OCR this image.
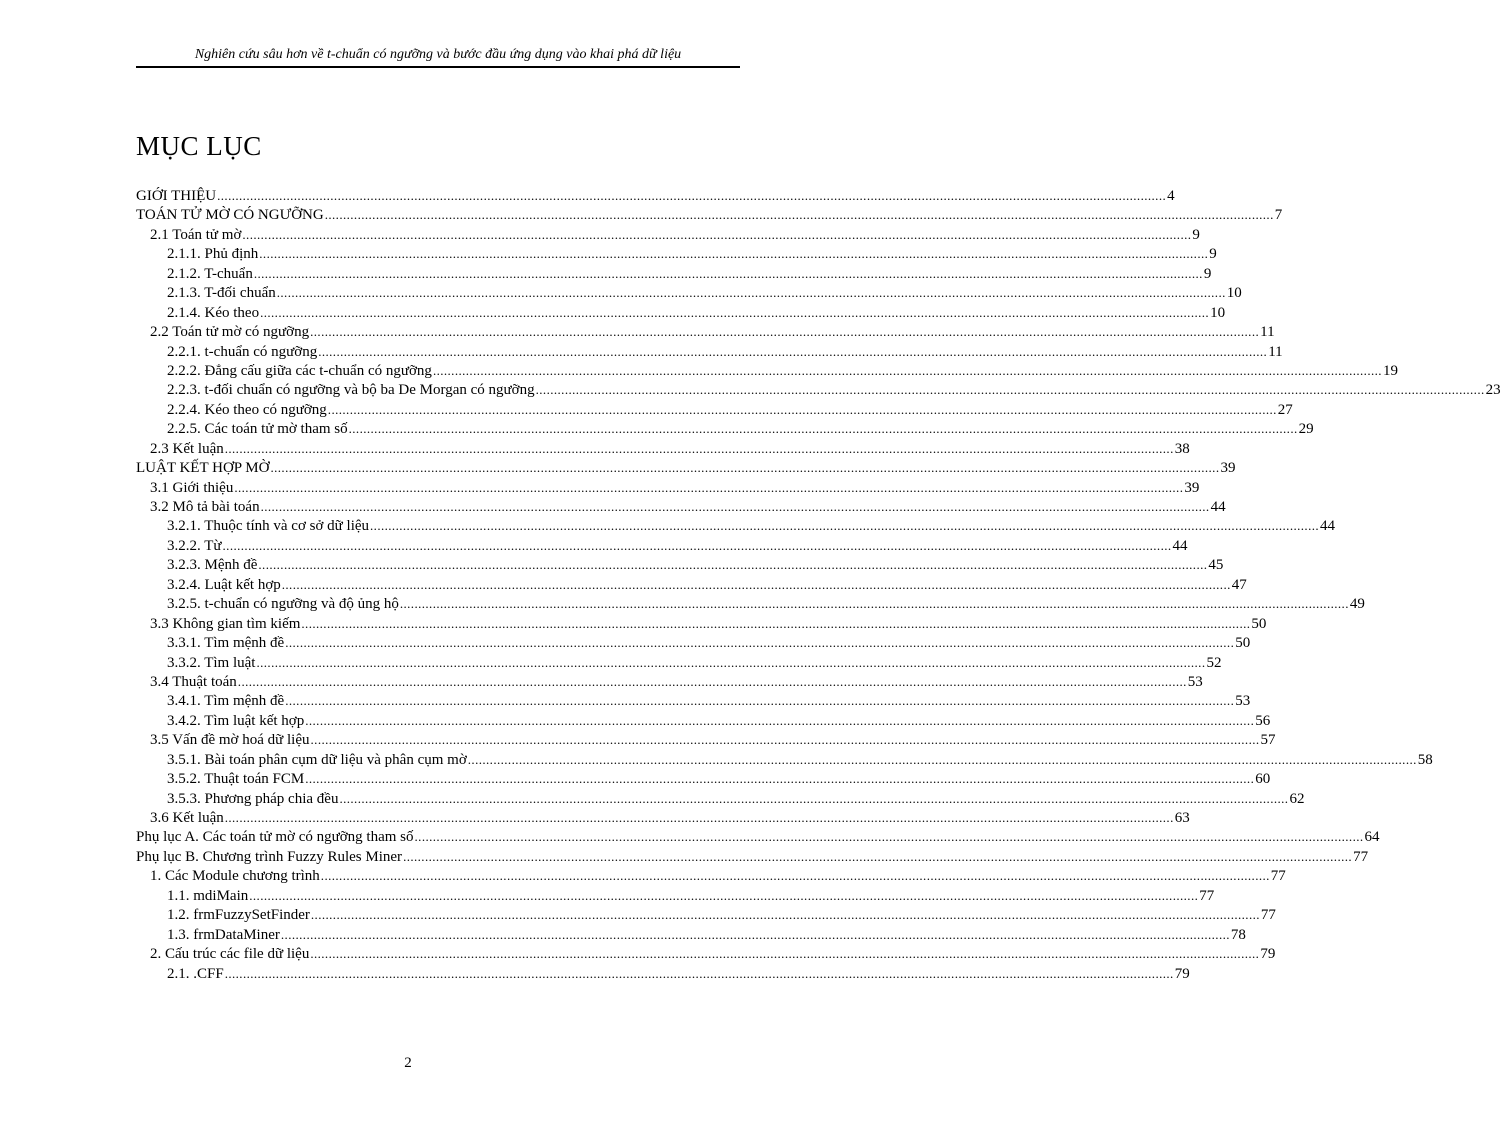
Nghiên cứu sâu hơn về t-chuẩn có ngưỡng và bước đầu ứng dụng vào khai phá dữ liệu
MỤC LỤC
GIỚI THIỆU .................................................................................................................................................................................................................................................................... 4
TOÁN TỬ MỜ CÓ NGƯỠNG .................................................................................................................................................................................................................................................................... 7
2.1 Toán tử mờ .................................................................................................................................................................................................................................................................... 9
2.1.1. Phủ định .................................................................................................................................................................................................................................................................... 9
2.1.2. T-chuẩn .................................................................................................................................................................................................................................................................... 9
2.1.3. T-đối chuẩn .................................................................................................................................................................................................................................................................... 10
2.1.4. Kéo theo .................................................................................................................................................................................................................................................................... 10
2.2 Toán tử mờ có ngưỡng .................................................................................................................................................................................................................................................................... 11
2.2.1. t-chuẩn có ngưỡng .................................................................................................................................................................................................................................................................... 11
2.2.2. Đẳng cấu giữa các t-chuẩn có ngưỡng .................................................................................................................................................................................................................................................................... 19
2.2.3. t-đối chuẩn có ngưỡng và bộ ba De Morgan có ngưỡng .................................................................................................................................................................................................................................................................... 23
2.2.4. Kéo theo có ngưỡng .................................................................................................................................................................................................................................................................... 27
2.2.5. Các toán tử mờ tham số .................................................................................................................................................................................................................................................................... 29
2.3 Kết luận .................................................................................................................................................................................................................................................................... 38
LUẬT KẾT HỢP MỜ .................................................................................................................................................................................................................................................................... 39
3.1 Giới thiệu .................................................................................................................................................................................................................................................................... 39
3.2 Mô tả bài toán .................................................................................................................................................................................................................................................................... 44
3.2.1. Thuộc tính và cơ sở dữ liệu .................................................................................................................................................................................................................................................................... 44
3.2.2. Từ .................................................................................................................................................................................................................................................................... 44
3.2.3. Mệnh đề .................................................................................................................................................................................................................................................................... 45
3.2.4. Luật kết hợp .................................................................................................................................................................................................................................................................... 47
3.2.5. t-chuẩn có ngưỡng và độ ủng hộ .................................................................................................................................................................................................................................................................... 49
3.3 Không gian tìm kiếm .................................................................................................................................................................................................................................................................... 50
3.3.1. Tìm mệnh đề .................................................................................................................................................................................................................................................................... 50
3.3.2. Tìm luật .................................................................................................................................................................................................................................................................... 52
3.4 Thuật toán .................................................................................................................................................................................................................................................................... 53
3.4.1. Tìm mệnh đề .................................................................................................................................................................................................................................................................... 53
3.4.2. Tìm luật kết hợp .................................................................................................................................................................................................................................................................... 56
3.5 Vấn đề mờ hoá dữ liệu .................................................................................................................................................................................................................................................................... 57
3.5.1. Bài toán phân cụm dữ liệu và phân cụm mờ .................................................................................................................................................................................................................................................................... 58
3.5.2. Thuật toán FCM .................................................................................................................................................................................................................................................................... 60
3.5.3. Phương pháp chia đều .................................................................................................................................................................................................................................................................... 62
3.6 Kết luận .................................................................................................................................................................................................................................................................... 63
Phụ lục A. Các toán tử mờ có ngưỡng tham số .................................................................................................................................................................................................................................................................... 64
Phụ lục B. Chương trình Fuzzy Rules Miner .................................................................................................................................................................................................................................................................... 77
1. Các Module chương trình .................................................................................................................................................................................................................................................................... 77
1.1. mdiMain .................................................................................................................................................................................................................................................................... 77
1.2. frmFuzzySetFinder .................................................................................................................................................................................................................................................................... 77
1.3. frmDataMiner .................................................................................................................................................................................................................................................................... 78
2. Cấu trúc các file dữ liệu .................................................................................................................................................................................................................................................................... 79
2.1. .CFF .................................................................................................................................................................................................................................................................... 79
2
